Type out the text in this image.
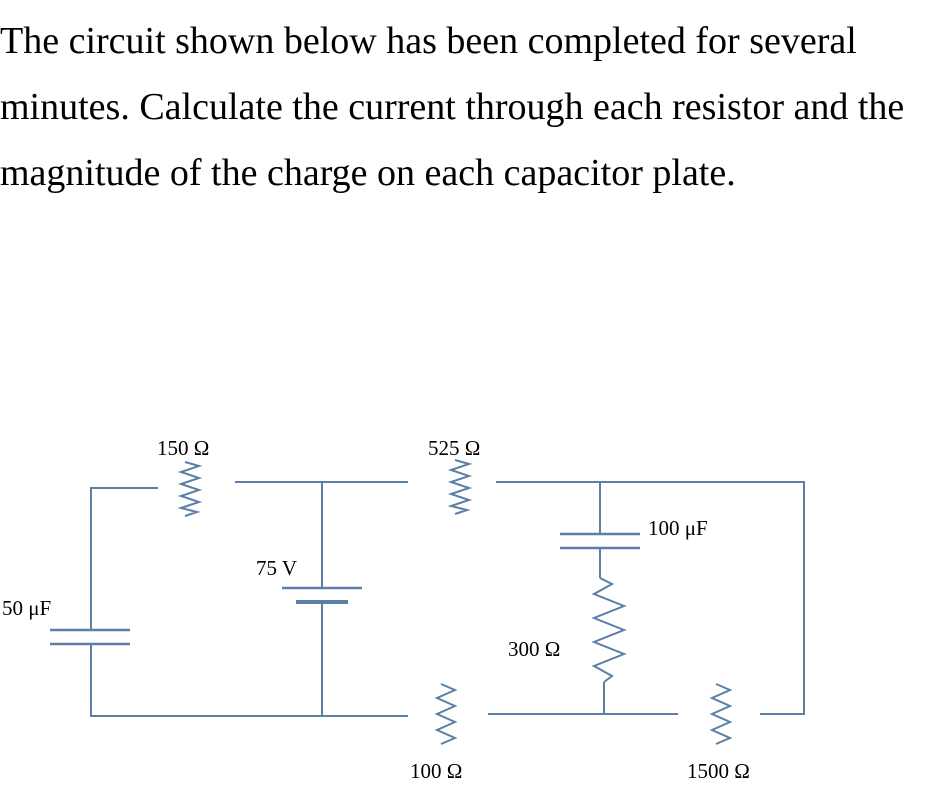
The circuit shown below has been completed for several
minutes. Calculate the current through each resistor and the
magnitude of the charge on each capacitor plate.
150 Ω	525 Ω
100 μF
75 V
50 μF
300 Ω
100 Ω	1500 Ω
